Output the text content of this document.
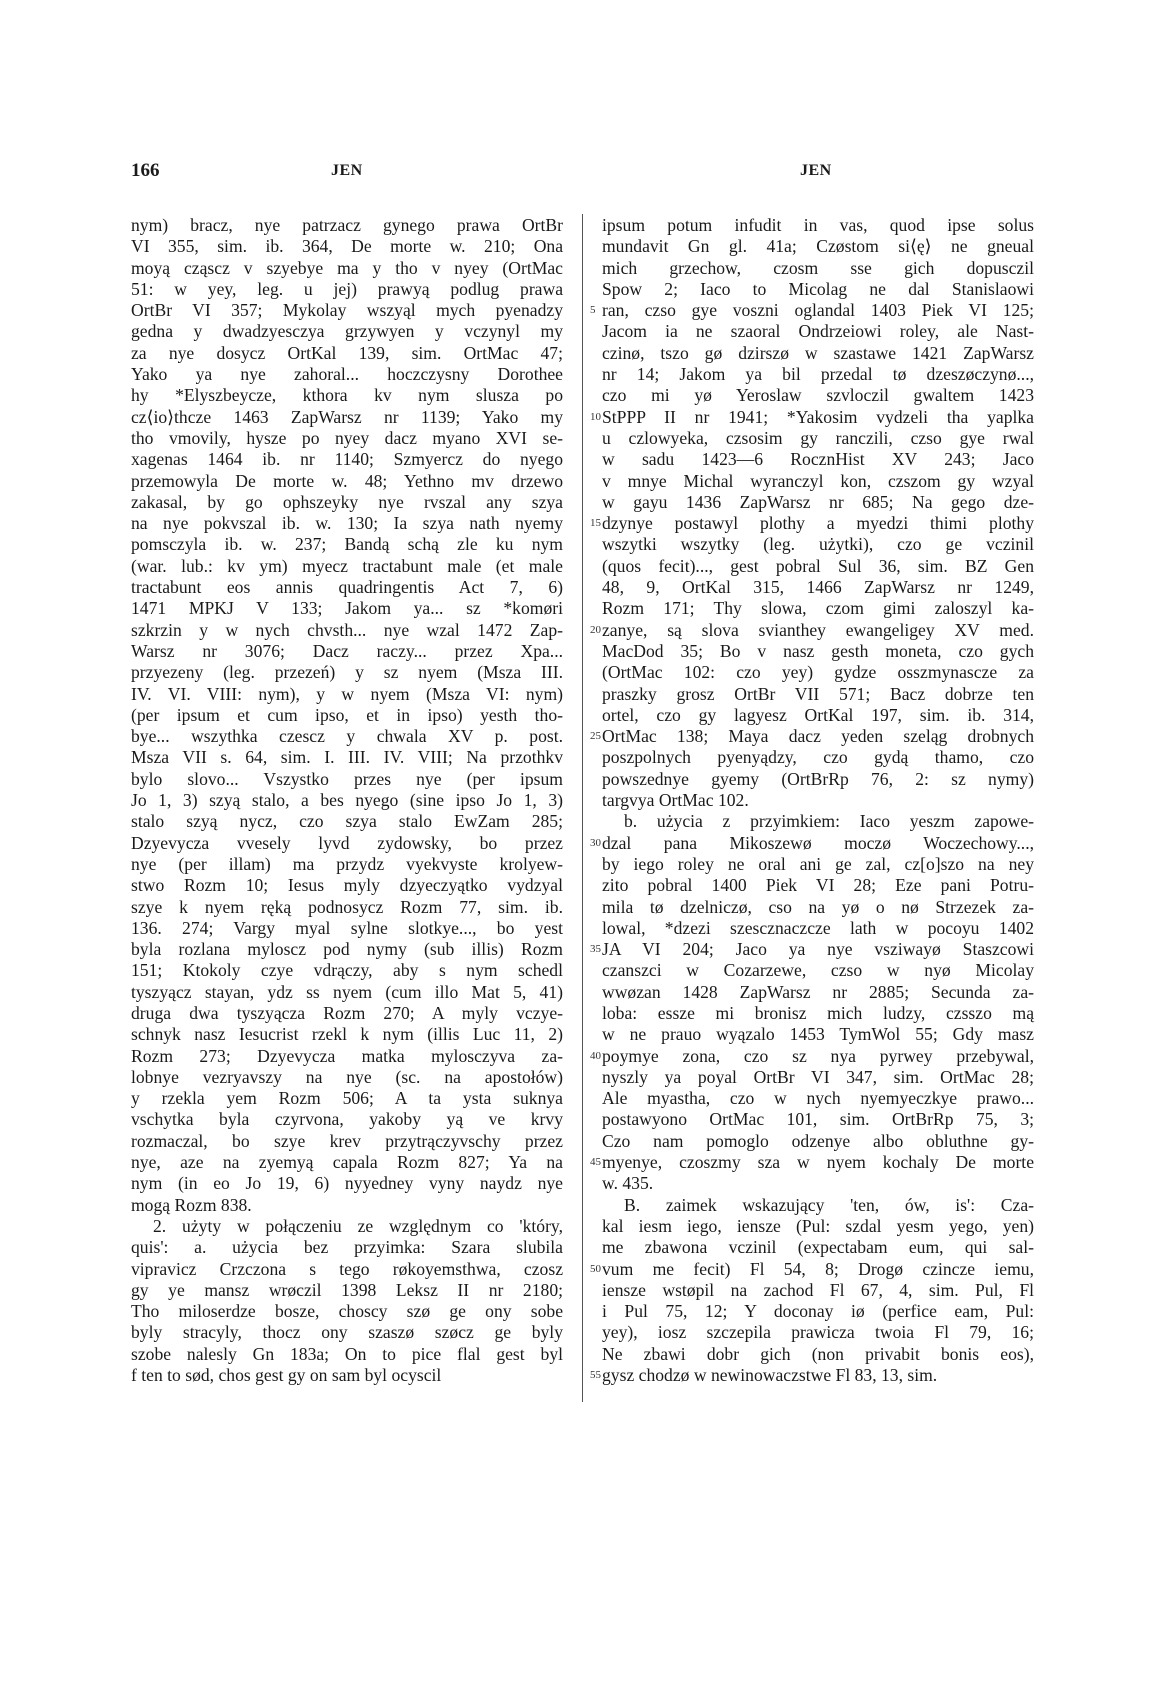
166	JEN	JEN
nym) bracz, nye patrzacz gynego prawa OrtBr
VI 355, sim. ib. 364, De morte w. 210; Ona
moyą cząscz v szyebye ma y tho v nyey (OrtMac
51: w yey, leg. u jej) prawyą podlug prawa
OrtBr VI 357; Mykolay wszyąl mych pyenadzy
gedna y dwadzyesczya grzywyen y vczynyl my
za nye dosycz OrtKal 139, sim. OrtMac 47;
Yako ya nye zahoral... hoczczysny Dorothee
hy *Elyszbeycze, kthora kv nym slusza po
cz⟨io⟩thcze 1463 ZapWarsz nr 1139; Yako my
tho vmovily, hysze po nyey dacz myano XVI se-
xagenas 1464 ib. nr 1140; Szmyercz do nyego
przemowyla De morte w. 48; Yethno mv drzewo
zakasal, by go ophszeyky nye rvszal any szya
na nye pokvszal ib. w. 130; Ia szya nath nyemy
pomsczyla ib. w. 237; Bandą schą zle ku nym
(war. lub.: kv ym) myecz tractabunt male (et male
tractabunt eos annis quadringentis Act 7, 6)
1471 MPKJ V 133; Jakom ya... sz *komøri
szkrzin y w nych chvsth... nye wzal 1472 Zap-
Warsz nr 3076; Dacz raczy... przez Xpa...
przyezeny (leg. przezeń) y sz nyem (Msza III.
IV. VI. VIII: nym), y w nyem (Msza VI: nym)
(per ipsum et cum ipso, et in ipso) yesth tho-
bye... wszythka czescz y chwala XV p. post.
Msza VII s. 64, sim. I. III. IV. VIII; Na przothkv
bylo slovo... Vszystko przes nye (per ipsum
Jo 1, 3) szyą stalo, a bes nyego (sine ipso Jo 1, 3)
stalo szyą nycz, czo szya stalo EwZam 285;
Dzyevycza vvesely lyvd zydowsky, bo przez
nye (per illam) ma przydz vyekvyste krolyew-
stwo Rozm 10; Iesus myly dzyeczyątko vydzyal
szye k nyem ręką podnosycz Rozm 77, sim. ib.
136. 274; Vargy myal sylne slotkye..., bo yest
byla rozlana myloscz pod nymy (sub illis) Rozm
151; Ktokoly czye vdrączy, aby s nym schedl
tyszyącz stayan, ydz ss nyem (cum illo Mat 5, 41)
druga dwa tyszyącza Rozm 270; A myly vczye-
schnyk nasz Iesucrist rzekl k nym (illis Luc 11, 2)
Rozm 273; Dzyevycza matka mylosczyva za-
lobnye vezryavszy na nye (sc. na apostołów)
y rzekla yem Rozm 506; A ta ysta suknya
vschytka byla czyrvona, yakoby yą ve krvy
rozmaczal, bo szye krev przytrączyvschy przez
nye, aze na zyemyą capala Rozm 827; Ya na
nym (in eo Jo 19, 6) nyyedney vyny naydz nye
mogą Rozm 838.
2. użyty w połączeniu ze względnym co 'który,
quis': a. użycia bez przyimka: Szara slubila
vipravicz Crzczona s tego røkoyemsthwa, czosz
gy ye mansz wrøczil 1398 Leksz II nr 2180;
Tho miloserdze bosze, choscy szø ge ony sobe
byly stracyly, thocz ony szaszø szøcz ge byly
szobe nalesly Gn 183a; On to pice flal gest byl
f ten to sød, chos gest gy on sam byl ocyscil
5
10
15
20
25
30
35
40
45
50
55
ipsum potum infudit in vas, quod ipse solus
mundavit Gn gl. 41a; Czøstom si⟨ę⟩ ne gneual
mich grzechow, czosm sse gich dopusczil
Spow 2; Iaco to Micolag ne dal Stanislaowi
ran, czso gye voszni oglandal 1403 Piek VI 125;
Jacom ia ne szaoral Ondrzeiowi roley, ale Nast-
czinø, tszo gø dzirszø w szastawe 1421 ZapWarsz
nr 14; Jakom ya bil przedal tø dzeszøczynø...,
czo mi yø Yeroslaw szvloczil gwaltem 1423
StPPP II nr 1941; *Yakosim vydzeli tha yaplka
u czlowyeka, czsosim gy ranczili, czso gye rwal
w sadu 1423—6 RocznHist XV 243; Jaco
v mnye Michal wyranczyl kon, czszom gy wzyal
w gayu 1436 ZapWarsz nr 685; Na gego dze-
dzynye postawyl plothy a myedzi thimi plothy
wszytki wszytky (leg. użytki), czo ge vczinil
(quos fecit)..., gest pobral Sul 36, sim. BZ Gen
48, 9, OrtKal 315, 1466 ZapWarsz nr 1249,
Rozm 171; Thy slowa, czom gimi zaloszyl ka-
zanye, są slova svianthey ewangeligey XV med.
MacDod 35; Bo v nasz gesth moneta, czo gych
(OrtMac 102: czo yey) gydze osszmynascze za
praszky grosz OrtBr VII 571; Bacz dobrze ten
ortel, czo gy lagyesz OrtKal 197, sim. ib. 314,
OrtMac 138; Maya dacz yeden szeląg drobnych
poszpolnych pyenyądzy, czo gydą thamo, czo
powszednye gyemy (OrtBrRp 76, 2: sz nymy)
targvya OrtMac 102.
b. użycia z przyimkiem: Iaco yeszm zapowe-
dzal pana Mikoszewø moczø Woczechowy...,
by iego roley ne oral ani ge zal, cz[o]szo na ney
zito pobral 1400 Piek VI 28; Eze pani Potru-
mila tø dzelniczø, cso na yø o nø Strzezek za-
lowal, *dzezi szescznaczcze lath w pocoyu 1402
JA VI 204; Jaco ya nye vsziwayø Staszcowi
czanszci w Cozarzewe, czso w nyø Micolay
wwøzan 1428 ZapWarsz nr 2885; Secunda za-
loba: essze mi bronisz mich ludzy, czsszo mą
w ne prauo wyązalo 1453 TymWol 55; Gdy masz
poymye zona, czo sz nya pyrwey przebywal,
nyszly ya poyal OrtBr VI 347, sim. OrtMac 28;
Ale myastha, czo w nych nyemyeczkye prawo...
postawyono OrtMac 101, sim. OrtBrRp 75, 3;
Czo nam pomoglo odzenye albo obluthne gy-
myenye, czoszmy sza w nyem kochaly De morte
w. 435.
B. zaimek wskazujący 'ten, ów, is': Cza-
kal iesm iego, iensze (Pul: szdal yesm yego, yen)
me zbawona vczinil (expectabam eum, qui sal-
vum me fecit) Fl 54, 8; Drogø czincze iemu,
iensze wstøpil na zachod Fl 67, 4, sim. Pul, Fl
i Pul 75, 12; Y doconay iø (perfice eam, Pul:
yey), iosz szczepila prawicza twoia Fl 79, 16;
Ne zbawi dobr gich (non privabit bonis eos),
gysz chodzø w newinowaczstwe Fl 83, 13, sim.
